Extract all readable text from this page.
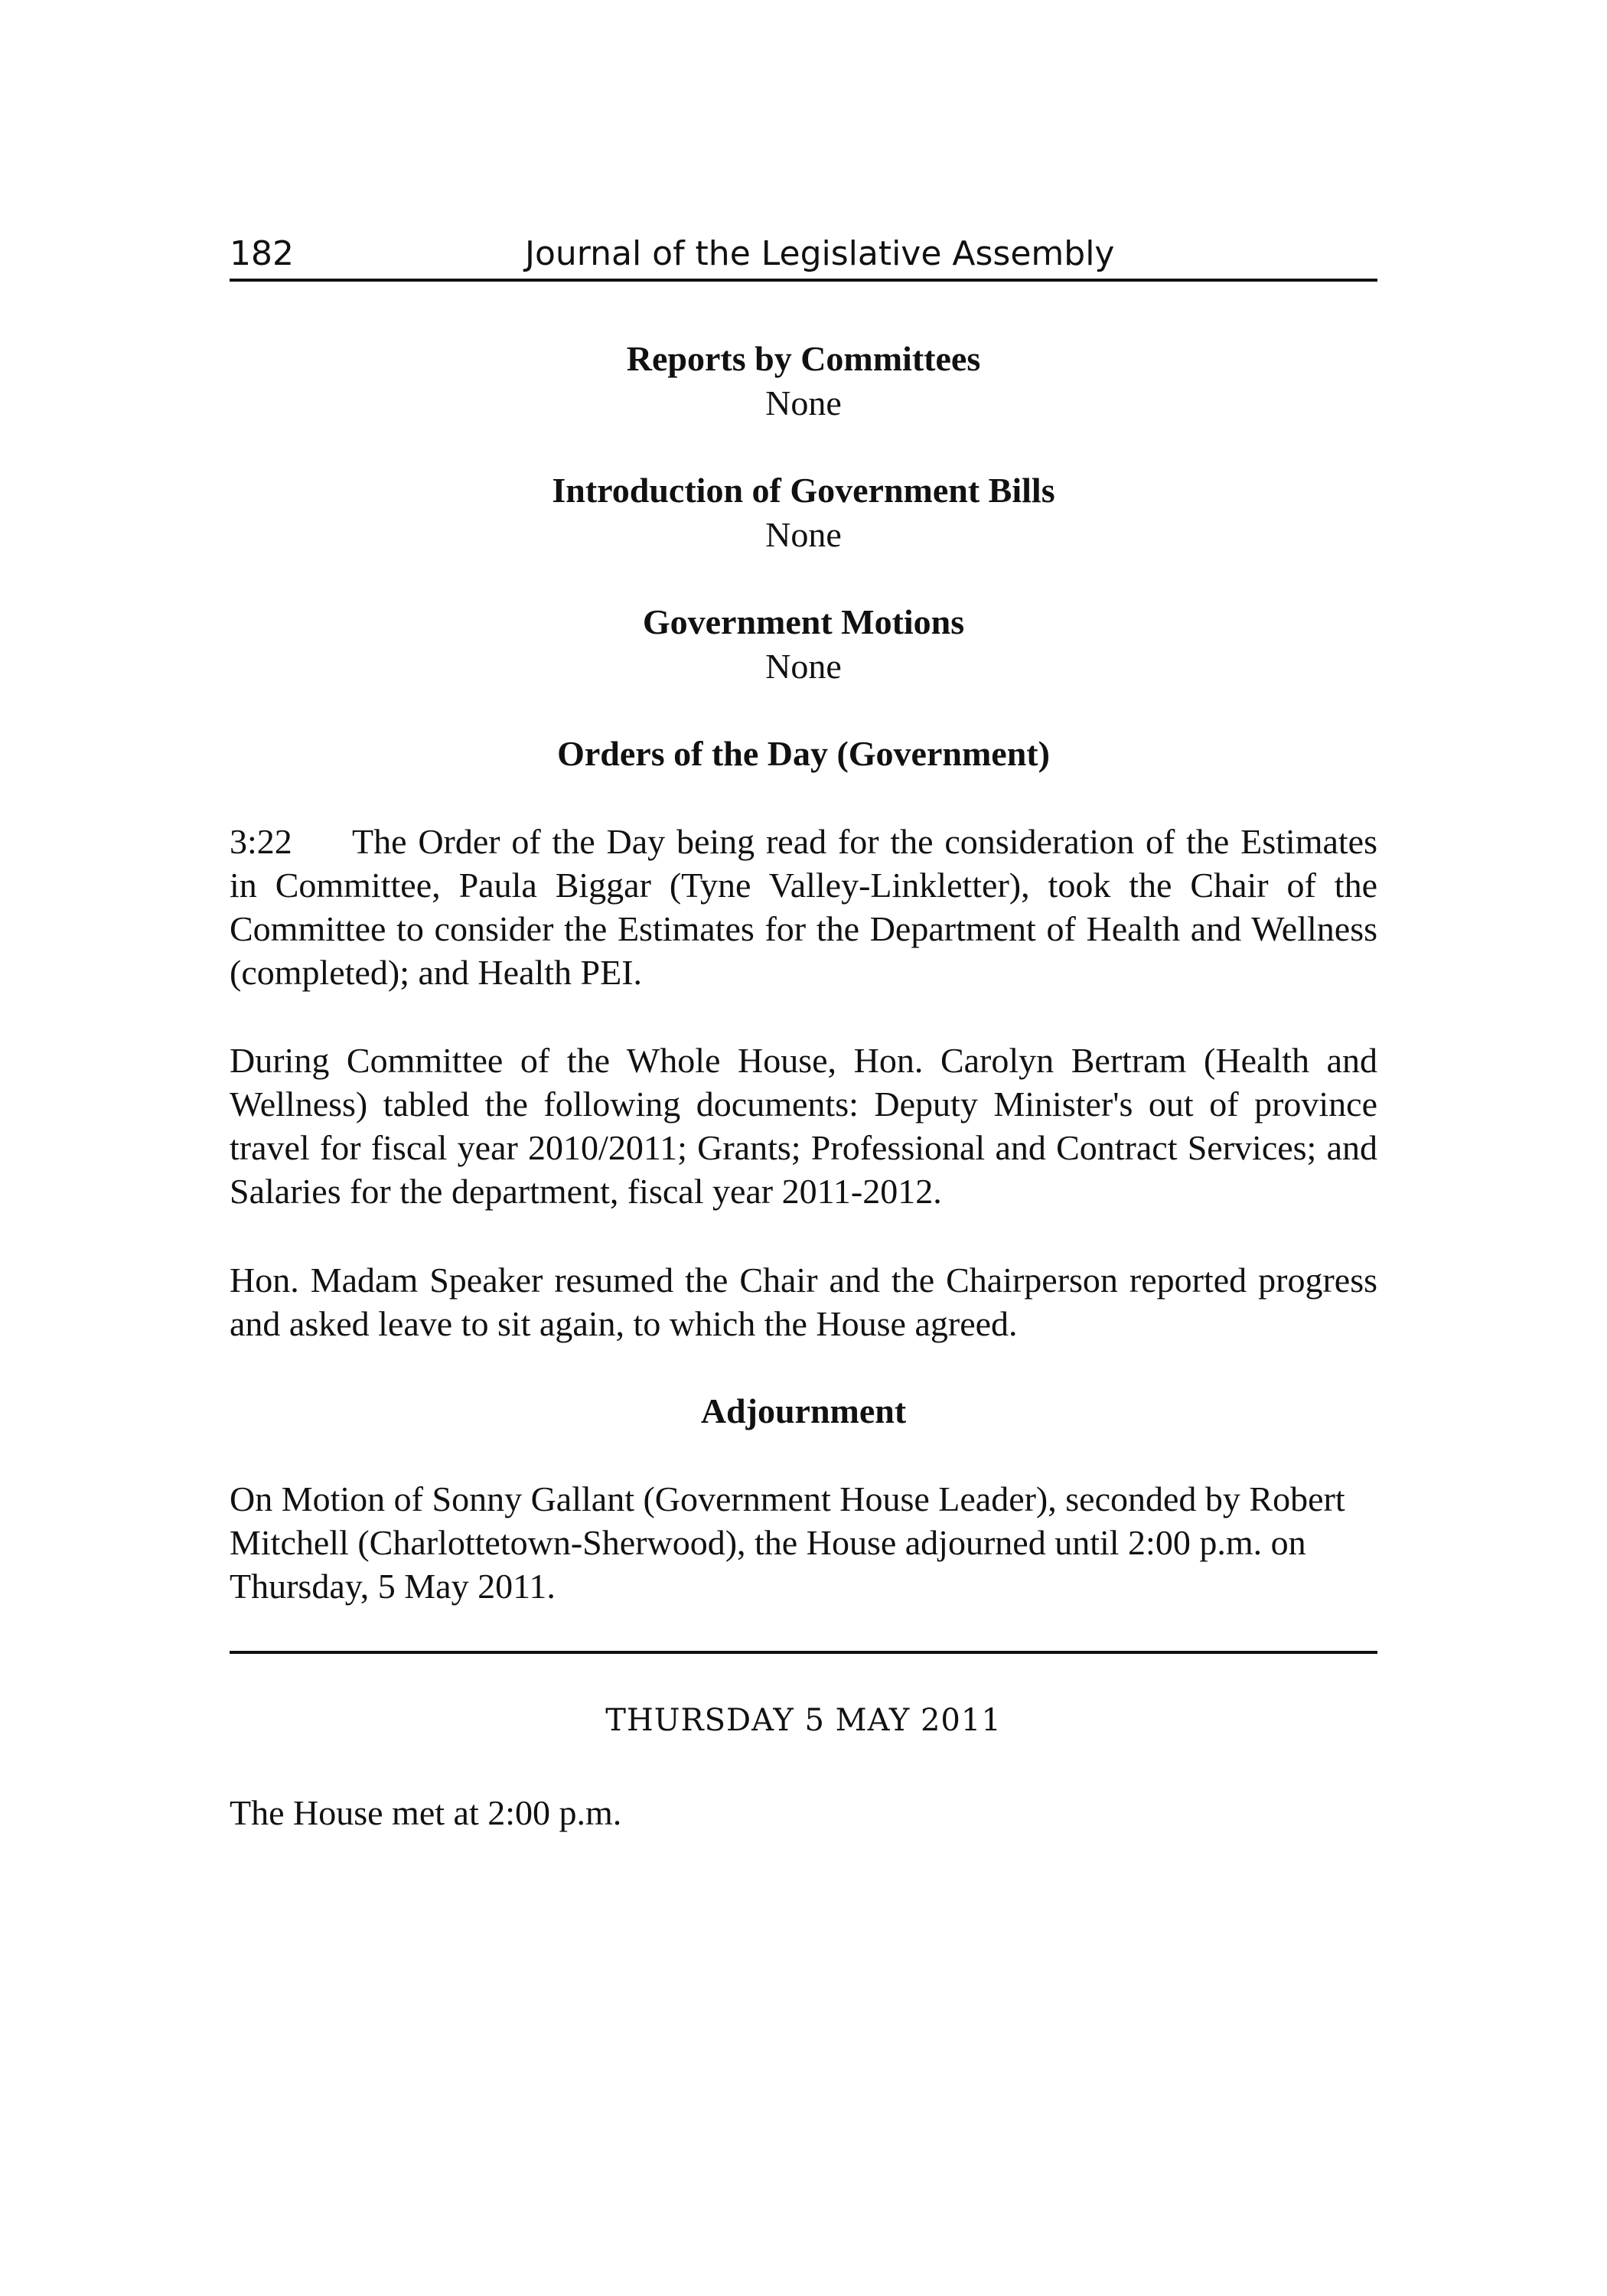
182	Journal of the Legislative Assembly
Reports by Committees
None
Introduction of Government Bills
None
Government Motions
None
Orders of the Day (Government)
3:22 The Order of the Day being read for the consideration of the Estimates in Committee, Paula Biggar (Tyne Valley-Linkletter), took the Chair of the Committee to consider the Estimates for the Department of Health and Wellness (completed); and Health PEI.
During Committee of the Whole House, Hon. Carolyn Bertram (Health and Wellness) tabled the following documents: Deputy Minister's out of province travel for fiscal year 2010/2011; Grants; Professional and Contract Services; and Salaries for the department, fiscal year 2011-2012.
Hon. Madam Speaker resumed the Chair and the Chairperson reported progress and asked leave to sit again, to which the House agreed.
Adjournment
On Motion of Sonny Gallant (Government House Leader), seconded by Robert Mitchell (Charlottetown-Sherwood), the House adjourned until 2:00 p.m. on Thursday, 5 May 2011.
THURSDAY 5 MAY 2011
The House met at 2:00 p.m.
